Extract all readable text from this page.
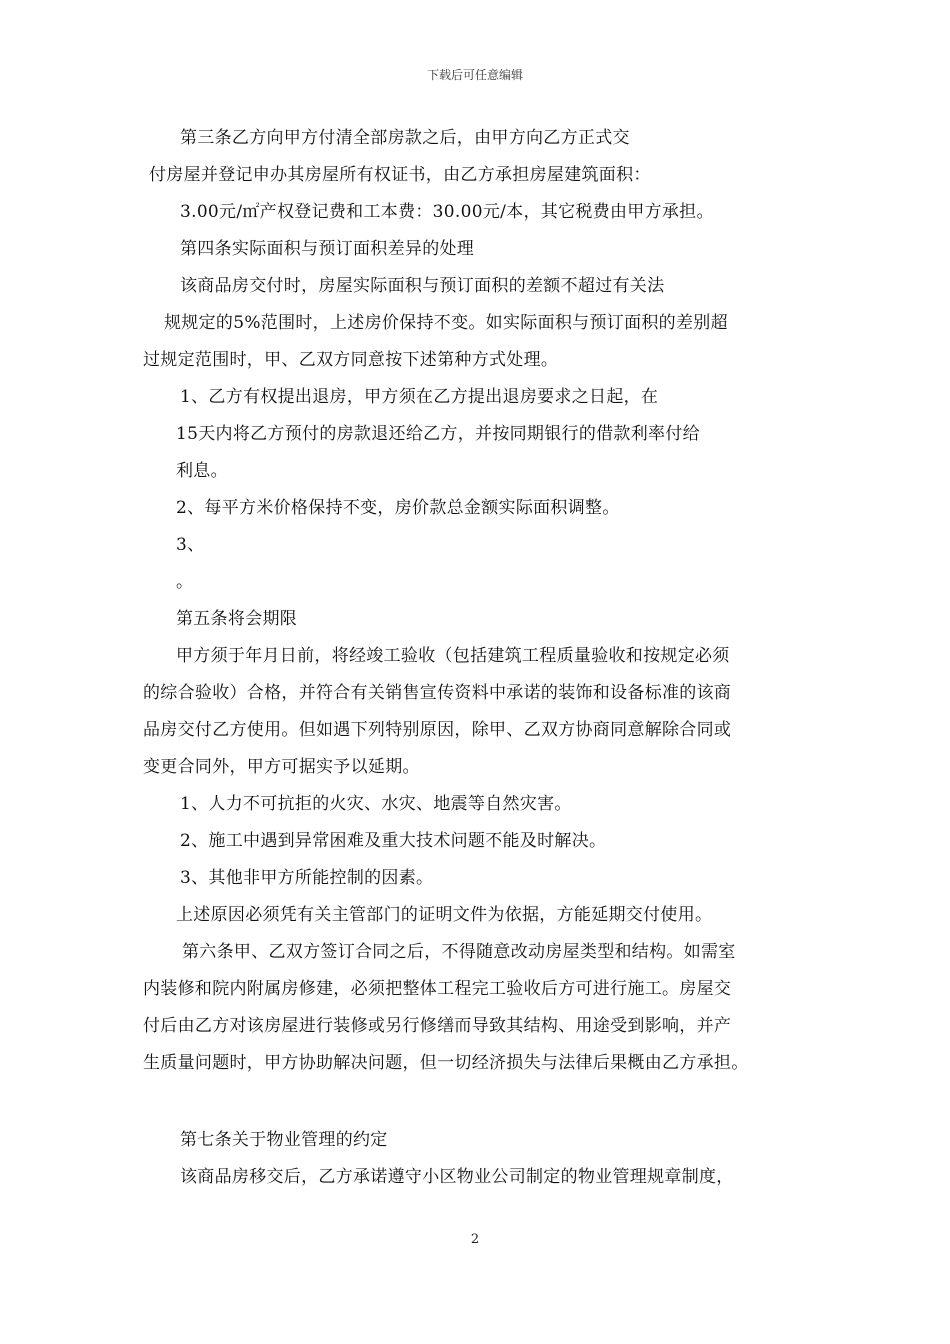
下载后可任意编辑
第三条乙方向甲方付清全部房款之后，由甲方向乙方正式交
付房屋并登记申办其房屋所有权证书，由乙方承担房屋建筑面积：
3.00元/㎡产权登记费和工本费：30.00元/本，其它税费由甲方承担。
第四条实际面积与预订面积差异的处理
该商品房交付时，房屋实际面积与预订面积的差额不超过有关法
规规定的5%范围时，上述房价保持不变。如实际面积与预订面积的差别超
过规定范围时，甲、乙双方同意按下述第种方式处理。
1、乙方有权提出退房，甲方须在乙方提出退房要求之日起，在
15天内将乙方预付的房款退还给乙方，并按同期银行的借款利率付给
利息。
2、每平方米价格保持不变，房价款总金额实际面积调整。
3、
。
第五条将会期限
甲方须于年月日前，将经竣工验收（包括建筑工程质量验收和按规定必须
的综合验收）合格，并符合有关销售宣传资料中承诺的装饰和设备标准的该商
品房交付乙方使用。但如遇下列特别原因，除甲、乙双方协商同意解除合同或
变更合同外，甲方可据实予以延期。
1、人力不可抗拒的火灾、水灾、地震等自然灾害。
2、施工中遇到异常困难及重大技术问题不能及时解决。
3、其他非甲方所能控制的因素。
上述原因必须凭有关主管部门的证明文件为依据，方能延期交付使用。
第六条甲、乙双方签订合同之后，不得随意改动房屋类型和结构。如需室
内装修和院内附属房修建，必须把整体工程完工验收后方可进行施工。房屋交
付后由乙方对该房屋进行装修或另行修缮而导致其结构、用途受到影响，并产
生质量问题时，甲方协助解决问题，但一切经济损失与法律后果概由乙方承担。
第七条关于物业管理的约定
该商品房移交后，乙方承诺遵守小区物业公司制定的物业管理规章制度，
2
